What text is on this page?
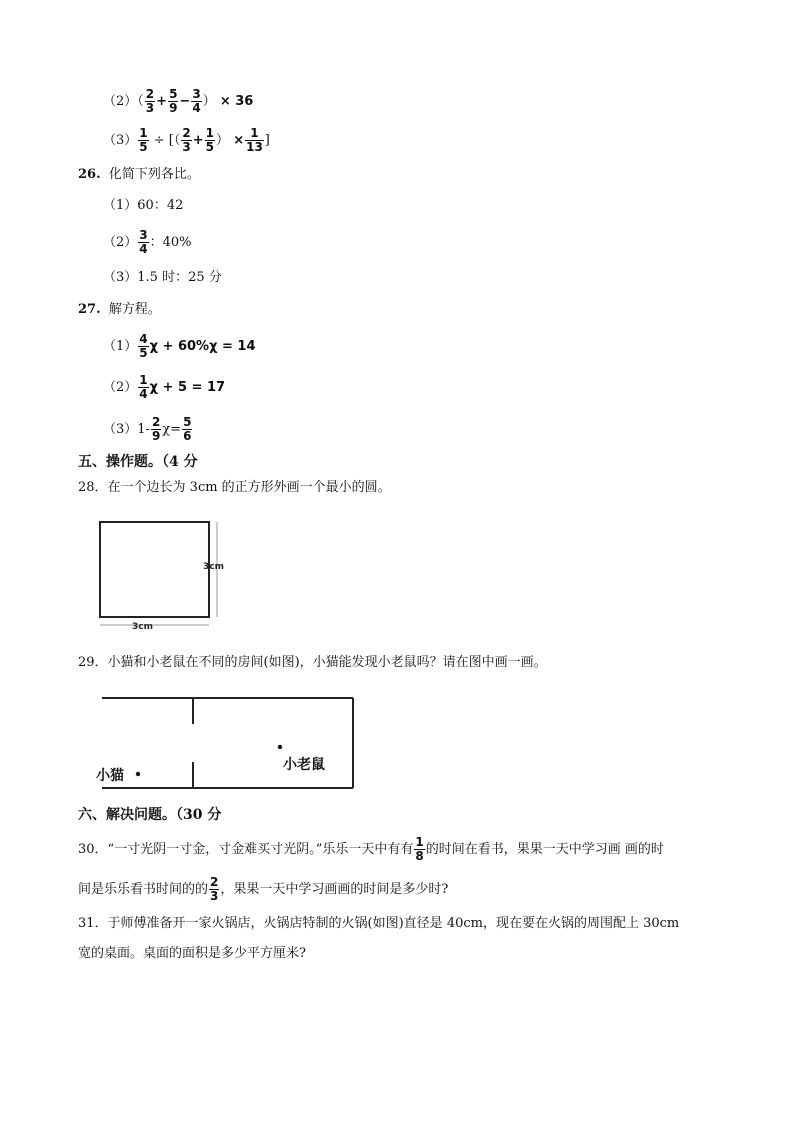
$(2)( \frac{2}{3} + \frac{5}{9} - \frac{3}{4}$ ） × 36
$(3) \frac{1}{5}$ ÷ [（ $\frac{2}{3} + \frac{1}{5}$ ） × $\frac{1}{13}$ ]
26. 化简下列各比。
（1）60：42
$(2) \frac{3}{4}$ ：40%
（3）1.5 时：25 分
27. 解方程。
$(1) \frac{4}{5}$ χ + 60%χ = 14
$(2) \frac{1}{4}$ χ + 5 = 17
$(3)1- \frac{2}{9} \chi= \frac{5}{6}$
五、操作题。（4 分
28．在一个边长为 3cm 的正方形外画一个最小的圆。
3cm
3cm
29．小猫和小老鼠在不同的房间(如图)，小猫能发现小老鼠吗？请在图中画一画。
小老鼠
小猫
六、解决问题。（30 分
30．“一寸光阴一寸金，寸金难买寸光阴。”乐乐一天中有有 $\frac{1}{8}$ 的时间在看书，果果一天中学习画 画的时
间是乐乐看书时间的的 $\frac{2}{3}$ ，果果一天中学习画画的时间是多少时?
31．于师傅准备开一家火锅店，火锅店特制的火锅(如图)直径是 40cm，现在要在火锅的周围配上 30cm
宽的桌面。桌面的面积是多少平方厘米?
